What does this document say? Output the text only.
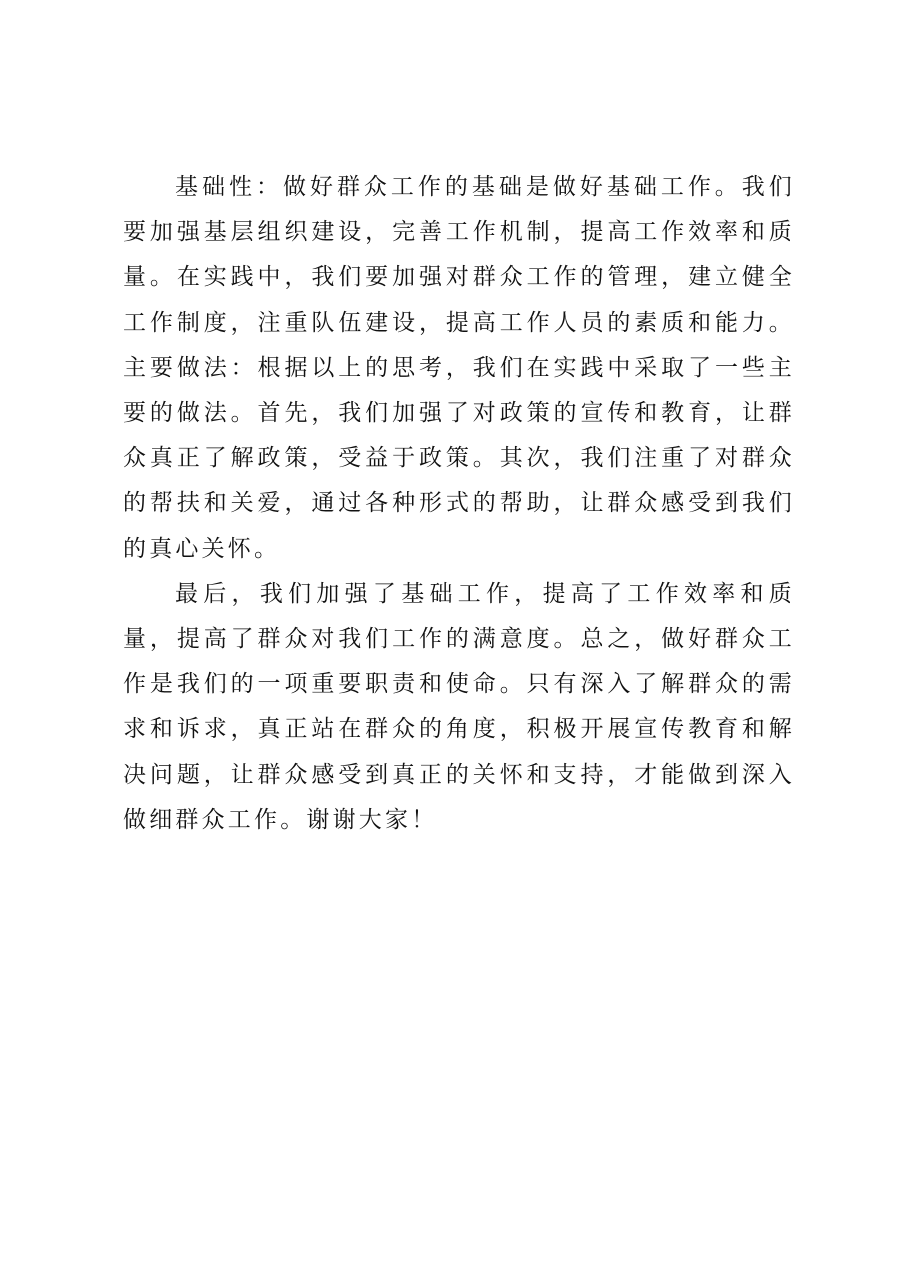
基础性：做好群众工作的基础是做好基础工作。我们要加强基层组织建设，完善工作机制，提高工作效率和质量。在实践中，我们要加强对群众工作的管理，建立健全工作制度，注重队伍建设，提高工作人员的素质和能力。主要做法：根据以上的思考，我们在实践中采取了一些主要的做法。首先，我们加强了对政策的宣传和教育，让群众真正了解政策，受益于政策。其次，我们注重了对群众的帮扶和关爱，通过各种形式的帮助，让群众感受到我们的真心关怀。

最后，我们加强了基础工作，提高了工作效率和质量，提高了群众对我们工作的满意度。总之，做好群众工作是我们的一项重要职责和使命。只有深入了解群众的需求和诉求，真正站在群众的角度，积极开展宣传教育和解决问题，让群众感受到真正的关怀和支持，才能做到深入做细群众工作。谢谢大家！
